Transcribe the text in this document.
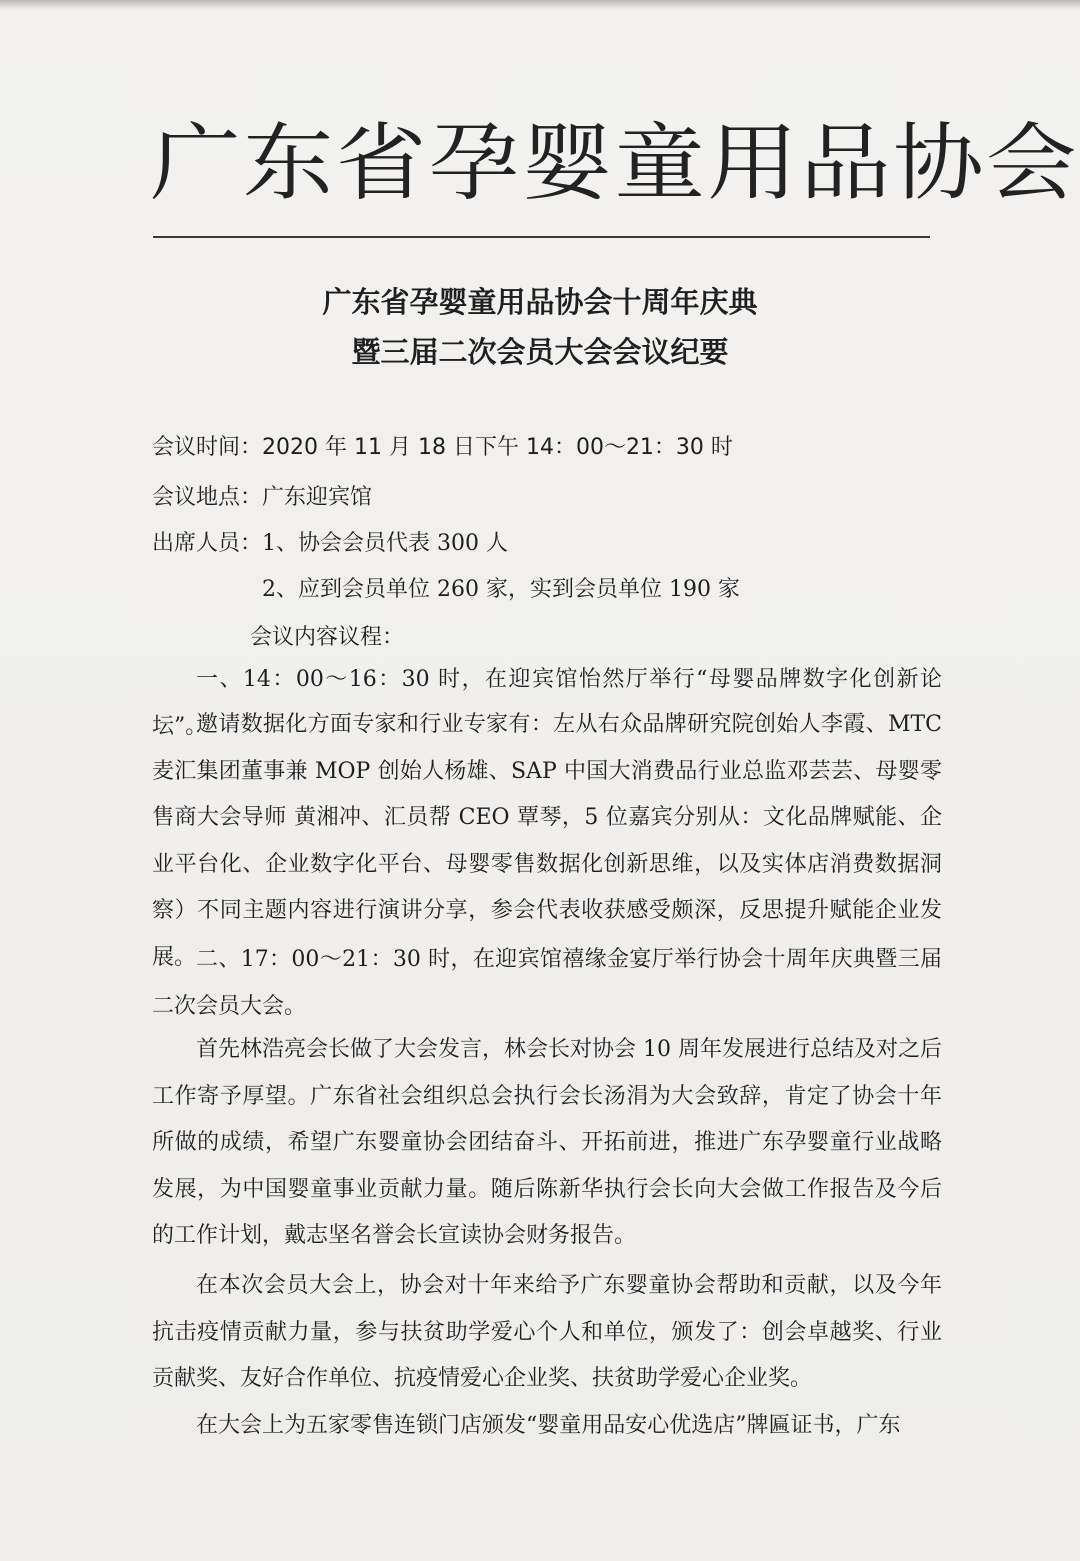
广东省孕婴童用品协会
广东省孕婴童用品协会十周年庆典
暨三届二次会员大会会议纪要
会议时间：2020 年 11 月 18 日下午 14：00～21：30 时
会议地点：广东迎宾馆
出席人员：1、协会会员代表 300 人
2、应到会员单位 260 家，实到会员单位 190 家
会议内容议程：
一、14：00～16：30 时，在迎宾馆怡然厅举行“母婴品牌数字化创新论坛”。
邀请数据化方面专家和行业专家有：左从右众品牌研究院创始人李霞、MTC 麦汇集团董事兼 MOP 创始人杨雄、SAP 中国大消费品行业总监邓芸芸、母婴零售商大会导师 黄湘冲、汇员帮 CEO 覃琴，5 位嘉宾分别从：文化品牌赋能、企业平台化、企业数字化平台、母婴零售数据化创新思维，以及实体店消费数据洞察）不同主题内容进行演讲分享，参会代表收获感受颇深，反思提升赋能企业发展。 二、17：00～21：30 时，在迎宾馆禧缘金宴厅举行协会十周年庆典暨三届二次会员大会。
首先林浩亮会长做了大会发言，林会长对协会 10 周年发展进行总结及对之后工作寄予厚望。广东省社会组织总会执行会长汤涓为大会致辞，肯定了协会十年所做的成绩，希望广东婴童协会团结奋斗、开拓前进，推进广东孕婴童行业战略发展，为中国婴童事业贡献力量。随后陈新华执行会长向大会做工作报告及今后的工作计划，戴志坚名誉会长宣读协会财务报告。
在本次会员大会上，协会对十年来给予广东婴童协会帮助和贡献，以及今年抗击疫情贡献力量，参与扶贫助学爱心个人和单位，颁发了：创会卓越奖、行业贡献奖、友好合作单位、抗疫情爱心企业奖、扶贫助学爱心企业奖。
在大会上为五家零售连锁门店颁发“婴童用品安心优选店”牌匾证书，广东
